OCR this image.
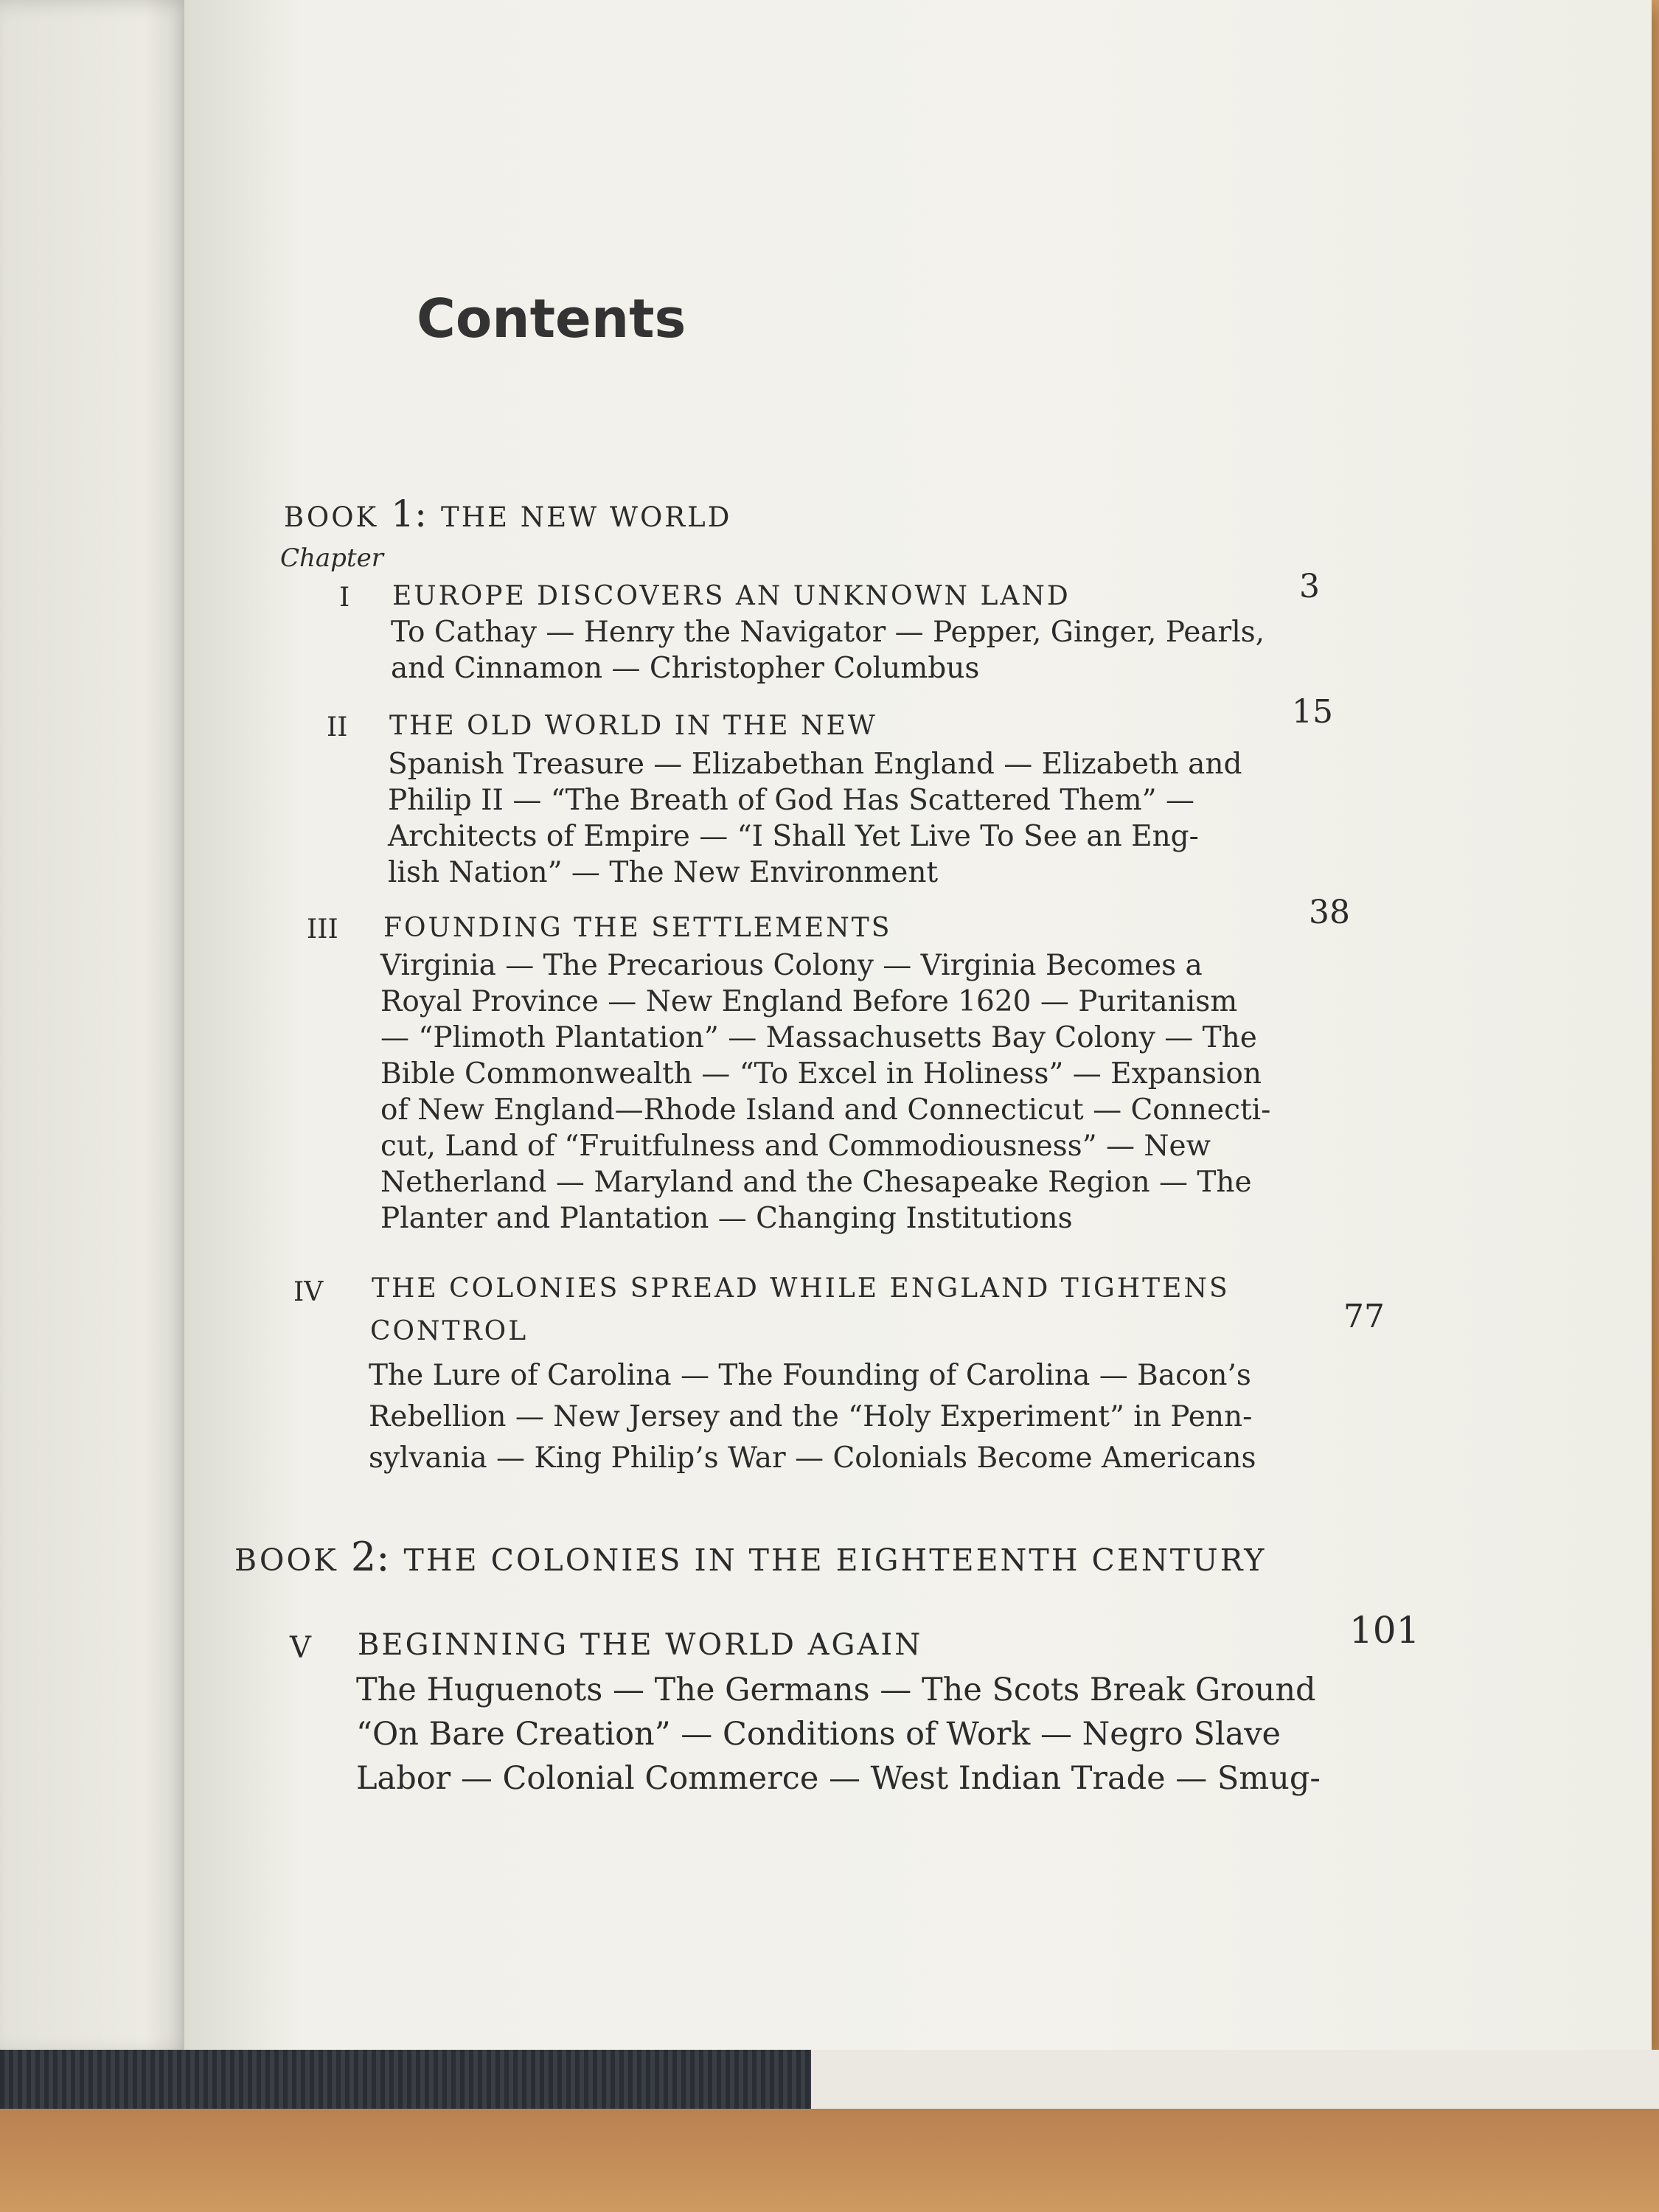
Contents
BOOK 1: THE NEW WORLD
Chapter
I EUROPE DISCOVERS AN UNKNOWN LAND	3
To Cathay — Henry the Navigator — Pepper, Ginger, Pearls,
and Cinnamon — Christopher Columbus
II THE OLD WORLD IN THE NEW	15
Spanish Treasure — Elizabethan England — Elizabeth and
Philip II — “The Breath of God Has Scattered Them” —
Architects of Empire — “I Shall Yet Live To See an Eng-
lish Nation” — The New Environment
III FOUNDING THE SETTLEMENTS	38
Virginia — The Precarious Colony — Virginia Becomes a
Royal Province — New England Before 1620 — Puritanism
— “Plimoth Plantation” — Massachusetts Bay Colony — The
Bible Commonwealth — “To Excel in Holiness” — Expansion
of New England—Rhode Island and Connecticut — Connecti-
cut, Land of “Fruitfulness and Commodiousness” — New
Netherland — Maryland and the Chesapeake Region — The
Planter and Plantation — Changing Institutions
IV THE COLONIES SPREAD WHILE ENGLAND TIGHTENS
CONTROL	77
The Lure of Carolina — The Founding of Carolina — Bacon’s
Rebellion — New Jersey and the “Holy Experiment” in Penn-
sylvania — King Philip’s War — Colonials Become Americans
BOOK 2: THE COLONIES IN THE EIGHTEENTH CENTURY
V BEGINNING THE WORLD AGAIN	101
The Huguenots — The Germans — The Scots Break Ground
“On Bare Creation” — Conditions of Work — Negro Slave
Labor — Colonial Commerce — West Indian Trade — Smug-
